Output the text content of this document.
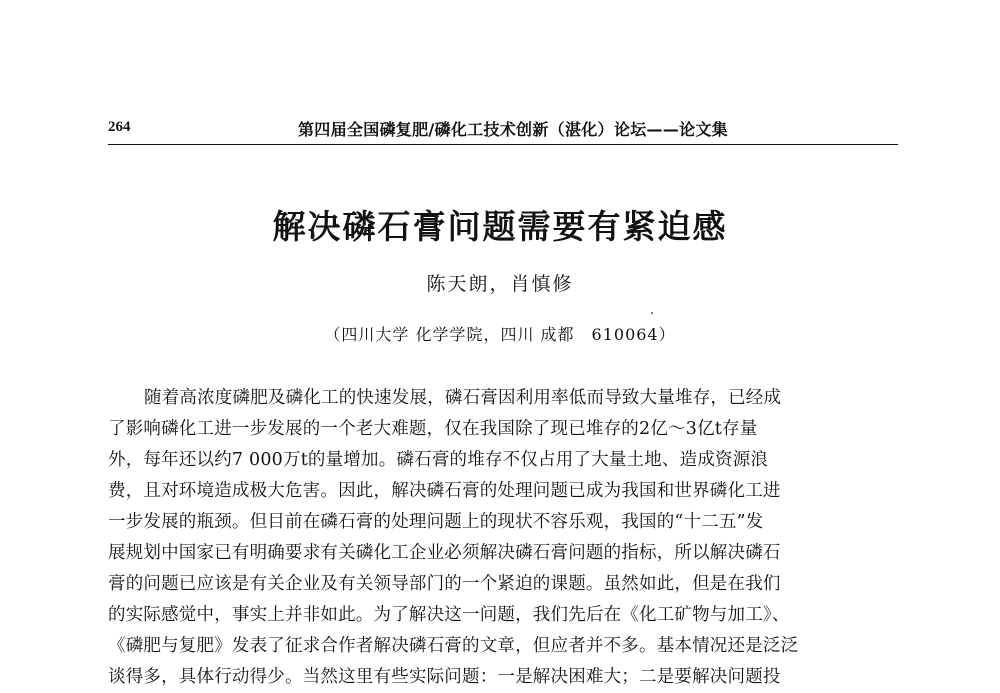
264	第四届全国磷复肥/磷化工技术创新（湛化）论坛——论文集
解决磷石膏问题需要有紧迫感
陈天朗，肖慎修
（四川大学 化学学院，四川 成都　610064）
随着高浓度磷肥及磷化工的快速发展，磷石膏因利用率低而导致大量堆存，已经成
了影响磷化工进一步发展的一个老大难题，仅在我国除了现已堆存的2亿～3亿t存量
外，每年还以约7 000万t的量增加。磷石膏的堆存不仅占用了大量土地、造成资源浪
费，且对环境造成极大危害。因此，解决磷石膏的处理问题已成为我国和世界磷化工进
一步发展的瓶颈。但目前在磷石膏的处理问题上的现状不容乐观，我国的“十二五”发
展规划中国家已有明确要求有关磷化工企业必须解决磷石膏问题的指标，所以解决磷石
膏的问题已应该是有关企业及有关领导部门的一个紧迫的课题。虽然如此，但是在我们
的实际感觉中，事实上并非如此。为了解决这一问题，我们先后在《化工矿物与加工》、
《磷肥与复肥》发表了征求合作者解决磷石膏的文章，但应者并不多。基本情况还是泛泛
谈得多，具体行动得少。当然这里有些实际问题：一是解决困难大；二是要解决问题投
